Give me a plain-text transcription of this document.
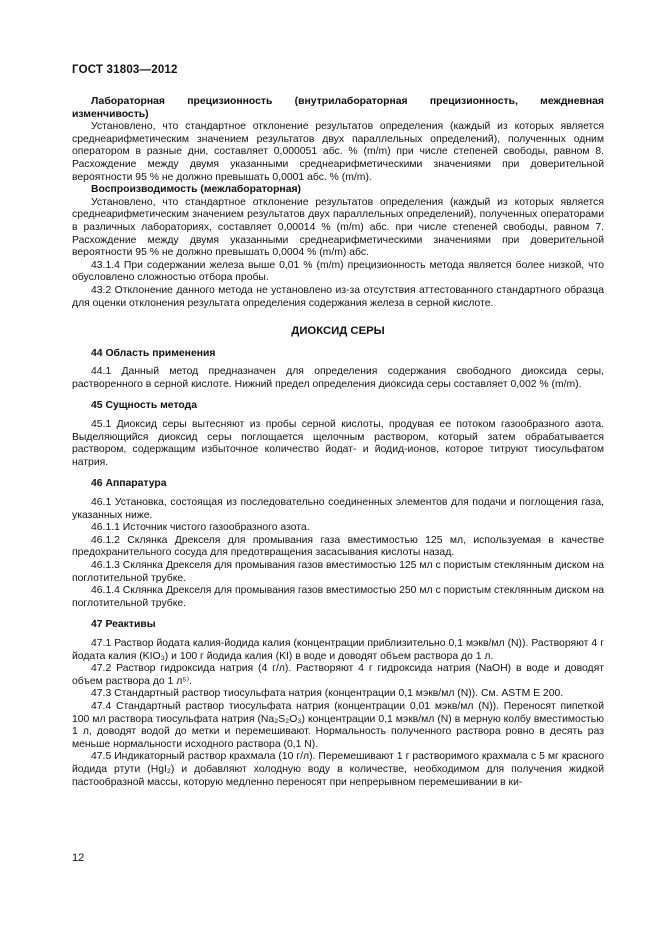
ГОСТ 31803—2012

Лабораторная прецизионность (внутрилабораторная прецизионность, междневная изменчивость)

Установлено, что стандартное отклонение результатов определения (каждый из которых является среднеарифметическим значением результатов двух параллельных определений), полученных одним оператором в разные дни, составляет 0,000051 абс. % (m/m) при числе степеней свободы, равном 8. Расхождение между двумя указанными среднеарифметическими значениями при доверительной вероятности 95 % не должно превышать 0,0001 абс. % (m/m).

Воспроизводимость (межлабораторная)

Установлено, что стандартное отклонение результатов определения (каждый из которых является среднеарифметическим значением результатов двух параллельных определений), полученных операторами в различных лабораториях, составляет 0,00014 % (m/m) абс. при числе степеней свободы, равном 7. Расхождение между двумя указанными среднеарифметическими значениями при доверительной вероятности 95 % не должно превышать 0,0004 % (m/m) абс.

43.1.4 При содержании железа выше 0,01 % (m/m) прецизионность метода является более низкой, что обусловлено сложностью отбора пробы.

43.2 Отклонение данного метода не установлено из-за отсутствия аттестованного стандартного образца для оценки отклонения результата определения содержания железа в серной кислоте.

ДИОКСИД СЕРЫ
44 Область применения

44.1 Данный метод предназначен для определения содержания свободного диоксида серы, растворенного в серной кислоте. Нижний предел определения диоксида серы составляет 0,002 % (m/m).

45 Сущность метода

45.1 Диоксид серы вытесняют из пробы серной кислоты, продувая ее потоком газообразного азота. Выделяющийся диоксид серы поглощается щелочным раствором, который затем обрабатывается раствором, содержащим избыточное количество йодат- и йодид-ионов, которое титруют тиосульфатом натрия.

46 Аппаратура

46.1 Установка, состоящая из последовательно соединенных элементов для подачи и поглощения газа, указанных ниже.

46.1.1 Источник чистого газообразного азота.

46.1.2 Склянка Дрекселя для промывания газа вместимостью 125 мл, используемая в качестве предохранительного сосуда для предотвращения засасывания кислоты назад.

46.1.3 Склянка Дрекселя для промывания газов вместимостью 125 мл с пористым стеклянным диском на поглотительной трубке.

46.1.4 Склянка Дрекселя для промывания газов вместимостью 250 мл с пористым стеклянным диском на поглотительной трубке.

47 Реактивы

47.1 Раствор йодата калия-йодида калия (концентрации приблизительно 0,1 мэкв/мл (N)). Растворяют 4 г йодата калия (KIO₃) и 100 г йодида калия (KI) в воде и доводят объем раствора до 1 л.

47.2 Раствор гидроксида натрия (4 г/л). Растворяют 4 г гидроксида натрия (NaOH) в воде и доводят объем раствора до 1 л⁵⁾.

47.3 Стандартный раствор тиосульфата натрия (концентрации 0,1 мэкв/мл (N)). См. ASTM E 200.

47.4 Стандартный раствор тиосульфата натрия (концентрации 0,01 мэкв/мл (N)). Переносят пипеткой 100 мл раствора тиосульфата натрия (Na₂S₂O₃) концентрации 0,1 мэкв/мл (N) в мерную колбу вместимостью 1 л, доводят водой до метки и перемешивают. Нормальность полученного раствора ровно в десять раз меньше нормальности исходного раствора (0,1 N).

47.5 Индикаторный раствор крахмала (10 г/л). Перемешивают 1 г растворимого крахмала с 5 мг красного йодида ртути (HgI₂) и добавляют холодную воду в количестве, необходимом для получения жидкой пастообразной массы, которую медленно переносят при непрерывном перемешивании в ки-

12
